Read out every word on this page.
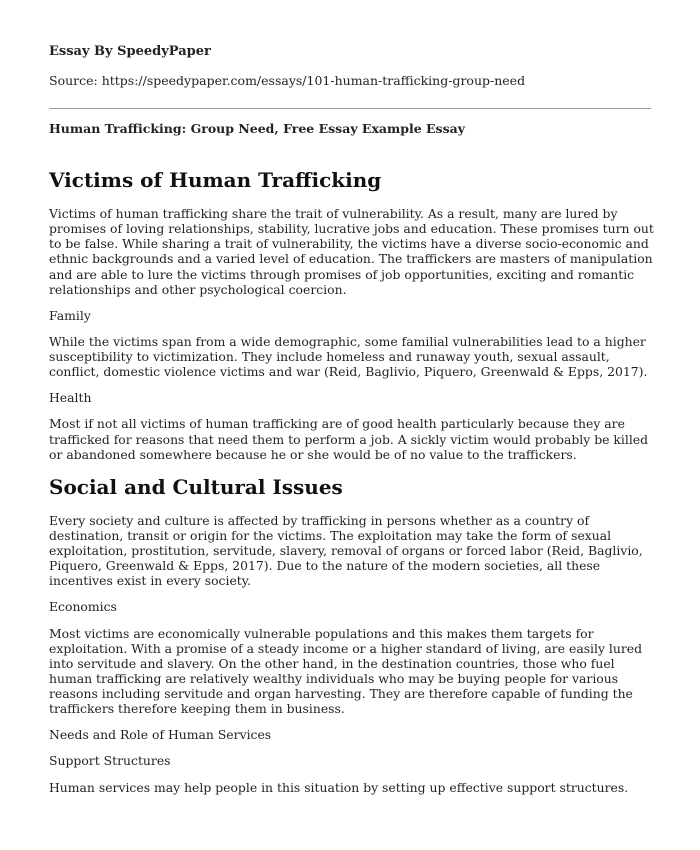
Essay By SpeedyPaper

Source: https://speedypaper.com/essays/101-human-trafficking-group-need

Human Trafficking: Group Need, Free Essay Example Essay

Victims of Human Trafficking

Victims of human trafficking share the trait of vulnerability. As a result, many are lured by promises of loving relationships, stability, lucrative jobs and education. These promises turn out to be false. While sharing a trait of vulnerability, the victims have a diverse socio-economic and ethnic backgrounds and a varied level of education. The traffickers are masters of manipulation and are able to lure the victims through promises of job opportunities, exciting and romantic relationships and other psychological coercion.

Family

While the victims span from a wide demographic, some familial vulnerabilities lead to a higher susceptibility to victimization. They include homeless and runaway youth, sexual assault, conflict, domestic violence victims and war (Reid, Baglivio, Piquero, Greenwald & Epps, 2017).

Health

Most if not all victims of human trafficking are of good health particularly because they are trafficked for reasons that need them to perform a job. A sickly victim would probably be killed or abandoned somewhere because he or she would be of no value to the traffickers.

Social and Cultural Issues

Every society and culture is affected by trafficking in persons whether as a country of destination, transit or origin for the victims. The exploitation may take the form of sexual exploitation, prostitution, servitude, slavery, removal of organs or forced labor (Reid, Baglivio, Piquero, Greenwald & Epps, 2017). Due to the nature of the modern societies, all these incentives exist in every society.

Economics

Most victims are economically vulnerable populations and this makes them targets for exploitation. With a promise of a steady income or a higher standard of living, are easily lured into servitude and slavery. On the other hand, in the destination countries, those who fuel human trafficking are relatively wealthy individuals who may be buying people for various reasons including servitude and organ harvesting. They are therefore capable of funding the traffickers therefore keeping them in business.

Needs and Role of Human Services

Support Structures

Human services may help people in this situation by setting up effective support structures.
